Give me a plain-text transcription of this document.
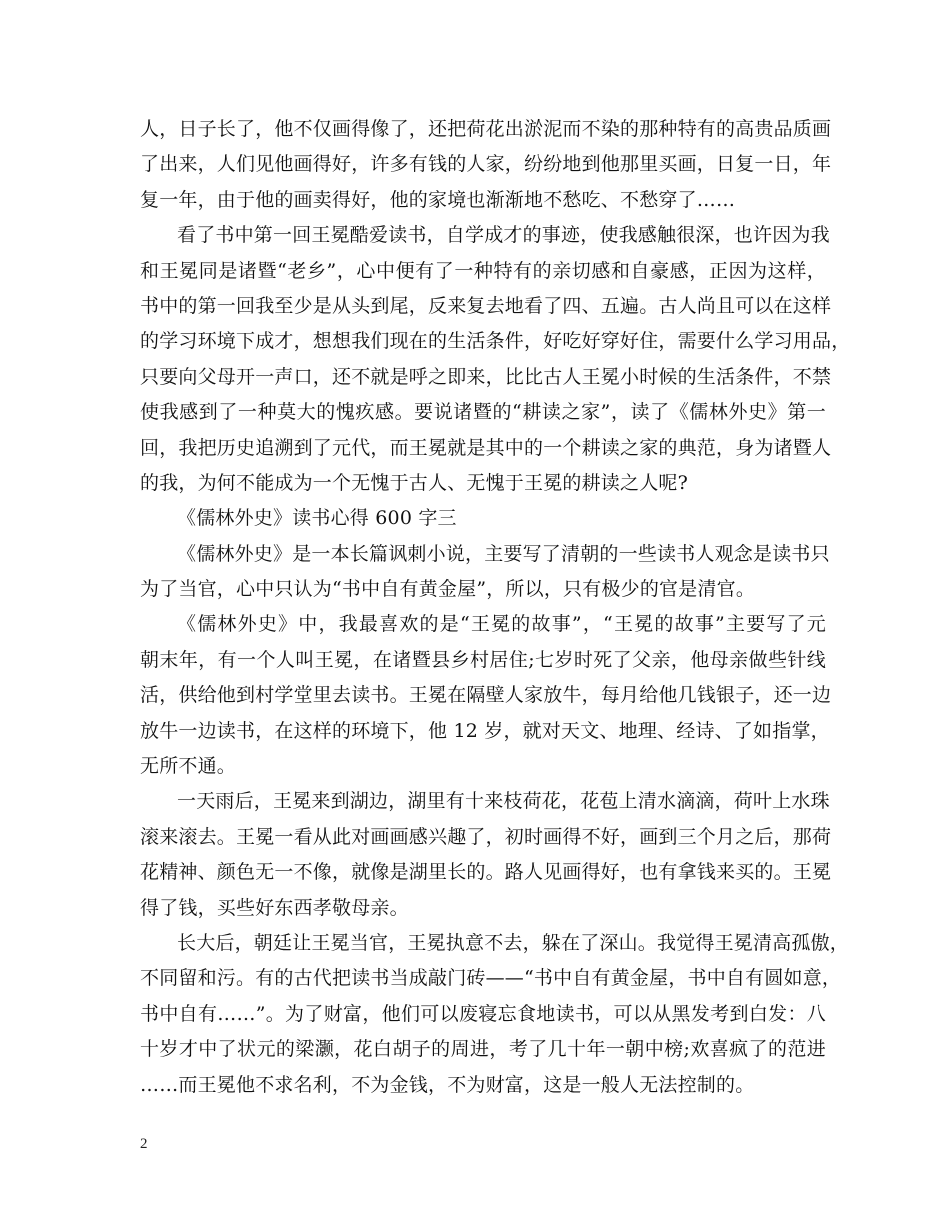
人，日子长了，他不仅画得像了，还把荷花出淤泥而不染的那种特有的高贵品质画
了出来，人们见他画得好，许多有钱的人家，纷纷地到他那里买画，日复一日，年
复一年，由于他的画卖得好，他的家境也渐渐地不愁吃、不愁穿了……
看了书中第一回王冕酷爱读书，自学成才的事迹，使我感触很深，也许因为我
和王冕同是诸暨“老乡”，心中便有了一种特有的亲切感和自豪感，正因为这样，
书中的第一回我至少是从头到尾，反来复去地看了四、五遍。古人尚且可以在这样
的学习环境下成才，想想我们现在的生活条件，好吃好穿好住，需要什么学习用品，
只要向父母开一声口，还不就是呼之即来，比比古人王冕小时候的生活条件，不禁
使我感到了一种莫大的愧疚感。要说诸暨的“耕读之家”，读了《儒林外史》第一
回，我把历史追溯到了元代，而王冕就是其中的一个耕读之家的典范，身为诸暨人
的我，为何不能成为一个无愧于古人、无愧于王冕的耕读之人呢?
《儒林外史》读书心得 600 字三
《儒林外史》是一本长篇讽刺小说，主要写了清朝的一些读书人观念是读书只
为了当官，心中只认为“书中自有黄金屋”，所以，只有极少的官是清官。
《儒林外史》中，我最喜欢的是“王冕的故事”，“王冕的故事”主要写了元
朝末年，有一个人叫王冕，在诸暨县乡村居住;七岁时死了父亲，他母亲做些针线
活，供给他到村学堂里去读书。王冕在隔壁人家放牛，每月给他几钱银子，还一边
放牛一边读书，在这样的环境下，他 12 岁，就对天文、地理、经诗、了如指掌，
无所不通。
一天雨后，王冕来到湖边，湖里有十来枝荷花，花苞上清水滴滴，荷叶上水珠
滚来滚去。王冕一看从此对画画感兴趣了，初时画得不好，画到三个月之后，那荷
花精神、颜色无一不像，就像是湖里长的。路人见画得好，也有拿钱来买的。王冕
得了钱，买些好东西孝敬母亲。
长大后，朝廷让王冕当官，王冕执意不去，躲在了深山。我觉得王冕清高孤傲，
不同留和污。有的古代把读书当成敲门砖——“书中自有黄金屋，书中自有圆如意，
书中自有……”。为了财富，他们可以废寝忘食地读书，可以从黑发考到白发：八
十岁才中了状元的梁灏，花白胡子的周进，考了几十年一朝中榜;欢喜疯了的范进
……而王冕他不求名利，不为金钱，不为财富，这是一般人无法控制的。
2
